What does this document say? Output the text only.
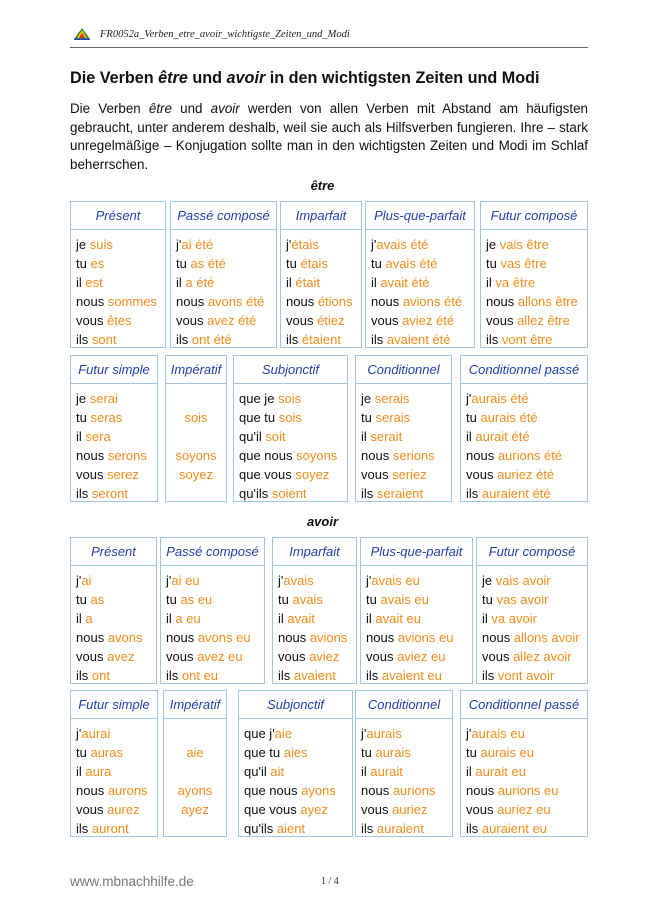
FR0052a_Verben_etre_avoir_wichtigste_Zeiten_und_Modi
Die Verben être und avoir in den wichtigsten Zeiten und Modi

Die Verben être und avoir werden von allen Verben mit Abstand am häufigsten gebraucht, unter anderem deshalb, weil sie auch als Hilfsverben fungieren. Ihre – stark unregelmäßige – Konjugation sollte man in den wichtigsten Zeiten und Modi im Schlaf beherrschen.

être
Présent
je suis
tu es
il est
nous sommes
vous êtes
ils sont
Passé composé
j'ai été
tu as été
il a été
nous avons été
vous avez été
ils ont été
Imparfait
j'étais
tu étais
il était
nous étions
vous étiez
ils étaient
Plus-que-parfait
j'avais été
tu avais été
il avait été
nous avions été
vous aviez été
ils avaient été
Futur composé
je vais être
tu vas être
il va être
nous allons être
vous allez être
ils vont être
Futur simple
je serai
tu seras
il sera
nous serons
vous serez
ils seront
Impératif
sois
soyons
soyez
Subjonctif
que je sois
que tu sois
qu'il soit
que nous soyons
que vous soyez
qu'ils soient
Conditionnel
je serais
tu serais
il serait
nous serions
vous seriez
ils seraient
Conditionnel passé
j'aurais été
tu aurais été
il aurait été
nous aurions été
vous auriez été
ils auraient été
avoir
Présent
j'ai
tu as
il a
nous avons
vous avez
ils ont
Passé composé
j'ai eu
tu as eu
il a eu
nous avons eu
vous avez eu
ils ont eu
Imparfait
j'avais
tu avais
il avait
nous avions
vous aviez
ils avaient
Plus-que-parfait
j'avais eu
tu avais eu
il avait eu
nous avions eu
vous aviez eu
ils avaient eu
Futur composé
je vais avoir
tu vas avoir
il va avoir
nous allons avoir
vous allez avoir
ils vont avoir
Futur simple
j'aurai
tu auras
il aura
nous aurons
vous aurez
ils auront
Impératif
aie
ayons
ayez
Subjonctif
que j'aie
que tu aies
qu'il ait
que nous ayons
que vous ayez
qu'ils aient
Conditionnel
j'aurais
tu aurais
il aurait
nous aurions
vous auriez
ils auraient
Conditionnel passé
j'aurais eu
tu aurais eu
il aurait eu
nous aurions eu
vous auriez eu
ils auraient eu
www.mbnachhilfe.de	1 / 4
